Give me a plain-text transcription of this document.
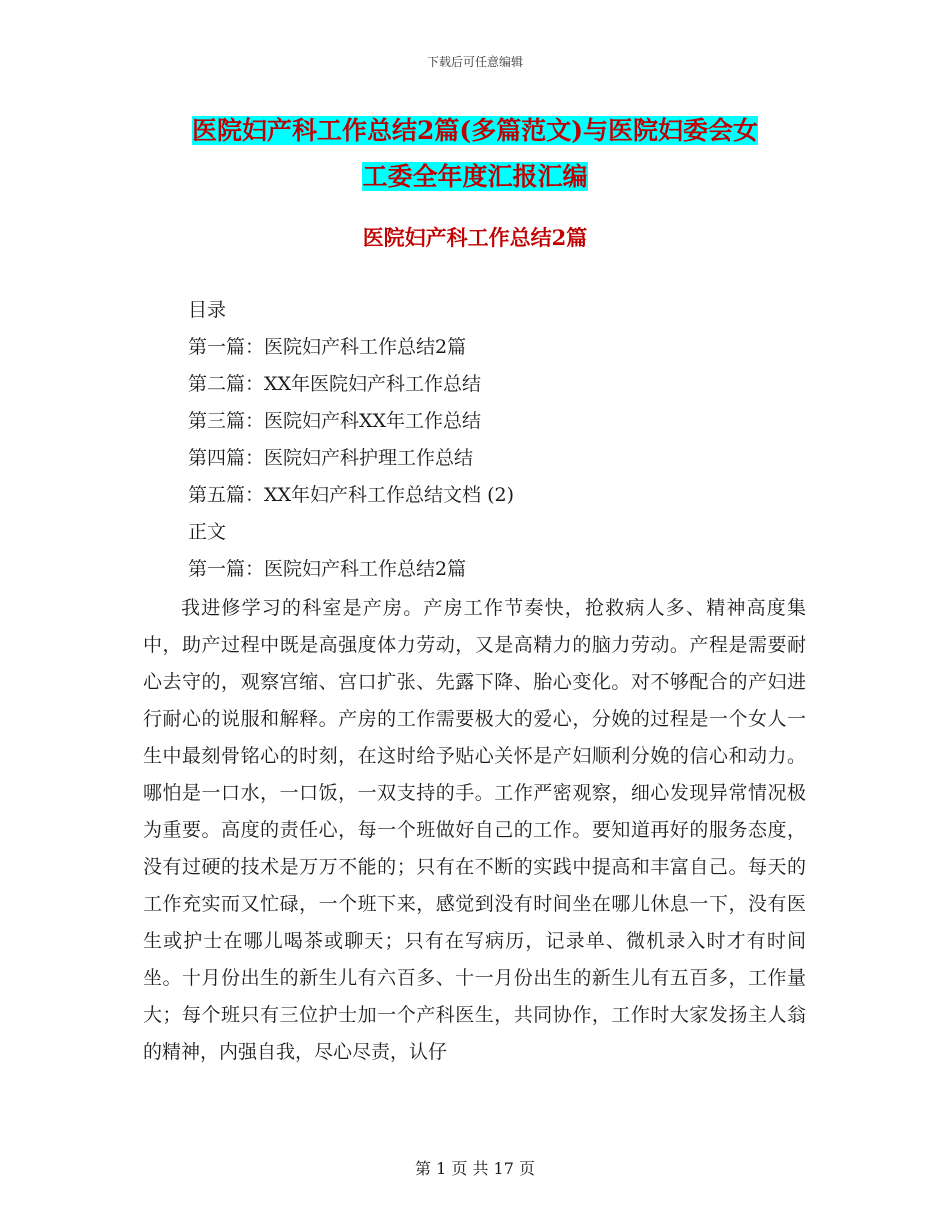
下载后可任意编辑
医院妇产科工作总结2篇(多篇范文)与医院妇委会女
工委全年度汇报汇编
医院妇产科工作总结2篇
目录
第一篇：医院妇产科工作总结2篇
第二篇：XX年医院妇产科工作总结
第三篇：医院妇产科XX年工作总结
第四篇：医院妇产科护理工作总结
第五篇：XX年妇产科工作总结文档 (2)
正文
第一篇：医院妇产科工作总结2篇
我进修学习的科室是产房。产房工作节奏快，抢救病人多、精神高度集中，助产过程中既是高强度体力劳动，又是高精力的脑力劳动。产程是需要耐心去守的，观察宫缩、宫口扩张、先露下降、胎心变化。对不够配合的产妇进行耐心的说服和解释。产房的工作需要极大的爱心，分娩的过程是一个女人一生中最刻骨铭心的时刻，在这时给予贴心关怀是产妇顺利分娩的信心和动力。哪怕是一口水，一口饭，一双支持的手。工作严密观察，细心发现异常情况极为重要。高度的责任心，每一个班做好自己的工作。要知道再好的服务态度，没有过硬的技术是万万不能的；只有在不断的实践中提高和丰富自己。每天的工作充实而又忙碌，一个班下来，感觉到没有时间坐在哪儿休息一下，没有医生或护士在哪儿喝茶或聊天；只有在写病历，记录单、微机录入时才有时间坐。十月份出生的新生儿有六百多、十一月份出生的新生儿有五百多，工作量大；每个班只有三位护士加一个产科医生，共同协作，工作时大家发扬主人翁的精神，内强自我，尽心尽责，认仔
第 1 页 共 17 页
